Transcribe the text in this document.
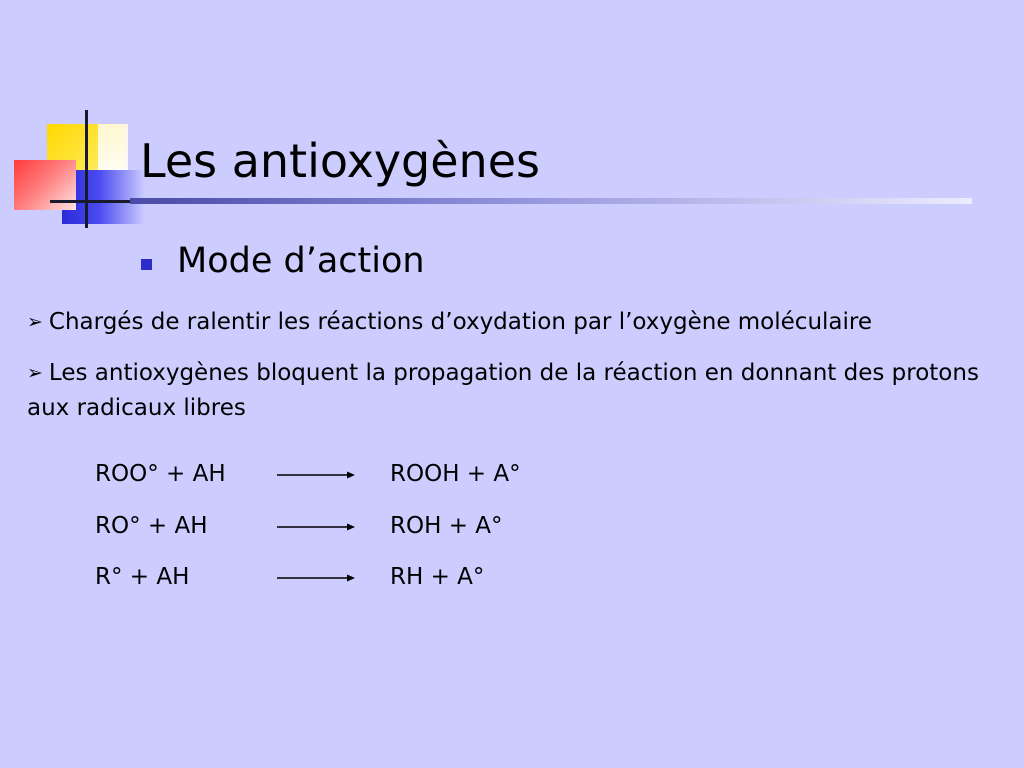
Les antioxygènes
Mode d’action
➢ Chargés de ralentir les réactions d’oxydation par l’oxygène moléculaire
➢ Les antioxygènes bloquent la propagation de la réaction en donnant des protons aux radicaux libres
ROO° + AH	ROOH + A°
RO° + AH	ROH + A°
R° + AH	RH + A°
